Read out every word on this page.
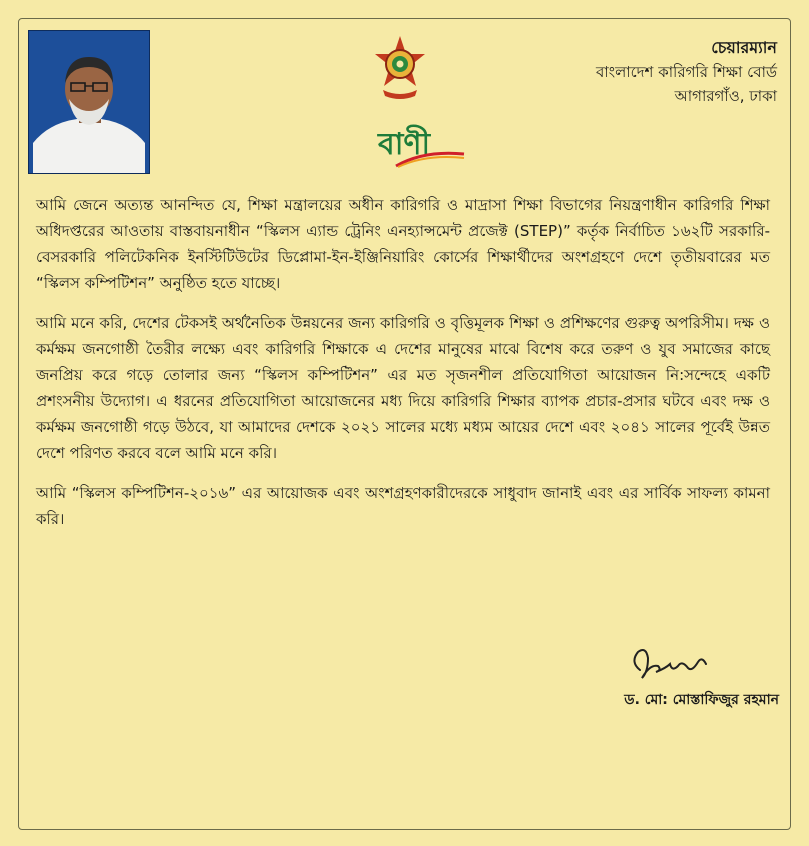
বাণী
চেয়ারম্যান
বাংলাদেশ কারিগরি শিক্ষা বোর্ড
আগারগাঁও, ঢাকা

আমি জেনে অত্যন্ত আনন্দিত যে, শিক্ষা মন্ত্রালয়ের অধীন কারিগরি ও মাদ্রাসা শিক্ষা বিভাগের নিয়ন্ত্রণাধীন কারিগরি শিক্ষা অধিদপ্তরের আওতায় বাস্তবায়নাধীন “স্কিলস এ্যান্ড ট্রেনিং এনহ্যান্সমেন্ট প্রজেক্ট (STEP)” কর্তৃক নির্বাচিত ১৬২টি সরকারি-বেসরকারি পলিটেকনিক ইনস্টিটিউটের ডিপ্লোমা-ইন-ইঞ্জিনিয়ারিং কোর্সের শিক্ষার্থীদের অংশগ্রহণে দেশে তৃতীয়বারের মত “স্কিলস কম্পিটিশন” অনুষ্ঠিত হতে যাচ্ছে।

আমি মনে করি, দেশের টেকসই অর্থনৈতিক উন্নয়নের জন্য কারিগরি ও বৃত্তিমূলক শিক্ষা ও প্রশিক্ষণের গুরুত্ব অপরিসীম। দক্ষ ও কর্মক্ষম জনগোষ্ঠী তৈরীর লক্ষ্যে এবং কারিগরি শিক্ষাকে এ দেশের মানুষের মাঝে বিশেষ করে তরুণ ও যুব সমাজের কাছে জনপ্রিয় করে গড়ে তোলার জন্য “স্কিলস কম্পিটিশন” এর মত সৃজনশীল প্রতিযোগিতা আয়োজন নি:সন্দেহে একটি প্রশংসনীয় উদ্যোগ। এ ধরনের প্রতিযোগিতা আয়োজনের মধ্য দিয়ে কারিগরি শিক্ষার ব্যাপক প্রচার-প্রসার ঘটবে এবং দক্ষ ও কর্মক্ষম জনগোষ্ঠী গড়ে উঠবে, যা আমাদের দেশকে ২০২১ সালের মধ্যে মধ্যম আয়ের দেশে এবং ২০৪১ সালের পূর্বেই উন্নত দেশে পরিণত করবে বলে আমি মনে করি।

আমি “স্কিলস কম্পিটিশন-২০১৬” এর আয়োজক এবং অংশগ্রহণকারীদেরকে সাধুবাদ জানাই এবং এর সার্বিক সাফল্য কামনা করি।

ড. মো: মোস্তাফিজুর রহমান
